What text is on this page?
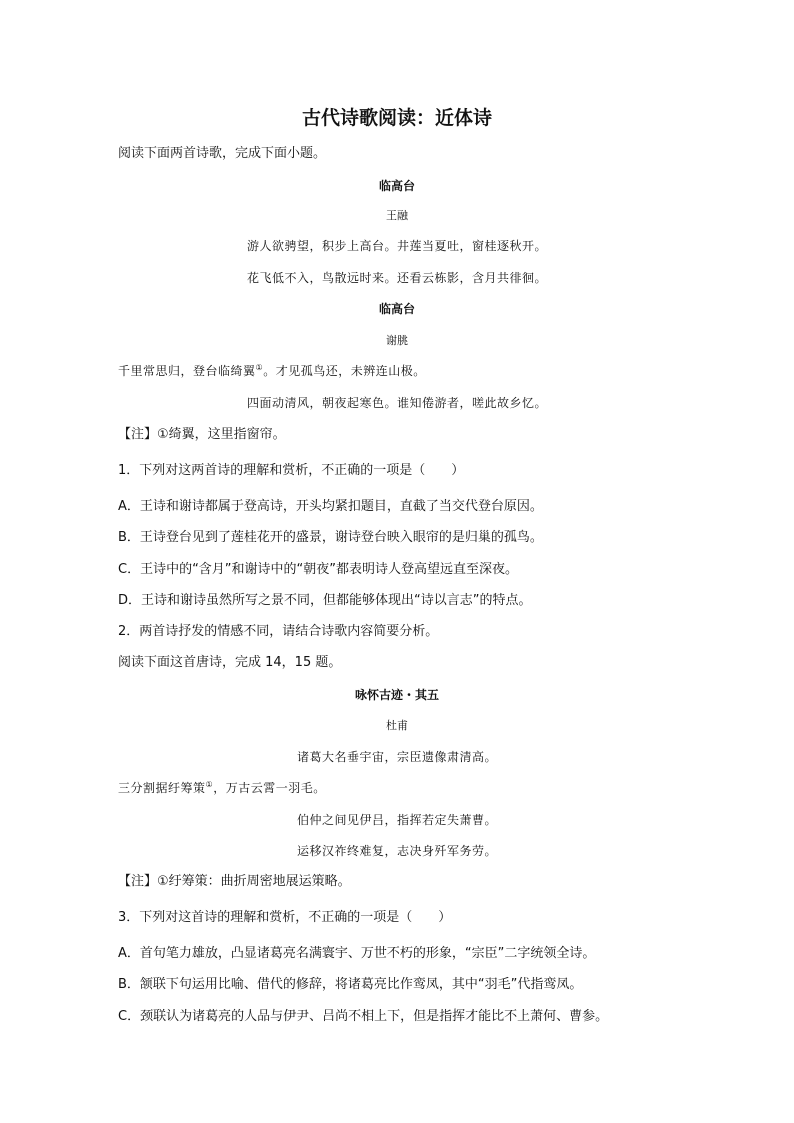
古代诗歌阅读：近体诗
阅读下面两首诗歌，完成下面小题。
临高台
王融
游人欲骋望，积步上高台。井莲当夏吐，窗桂逐秋开。
花飞低不入，鸟散远时来。还看云栋影，含月共徘徊。
临高台
谢朓
千里常思归，登台临绮翼①。才见孤鸟还，未辨连山极。
四面动清风，朝夜起寒色。谁知倦游者，嗟此故乡忆。
【注】①绮翼，这里指窗帘。
1．下列对这两首诗的理解和赏析，不正确的一项是（　　）
A．王诗和谢诗都属于登高诗，开头均紧扣题目，直截了当交代登台原因。
B．王诗登台见到了莲桂花开的盛景，谢诗登台映入眼帘的是归巢的孤鸟。
C．王诗中的“含月”和谢诗中的“朝夜”都表明诗人登高望远直至深夜。
D．王诗和谢诗虽然所写之景不同，但都能够体现出“诗以言志”的特点。
2．两首诗抒发的情感不同，请结合诗歌内容简要分析。
阅读下面这首唐诗，完成 14，15 题。
咏怀古迹・其五
杜甫
诸葛大名垂宇宙，宗臣遗像肃清高。
三分割据纡筹策①，万古云霄一羽毛。
伯仲之间见伊吕，指挥若定失萧曹。
运移汉祚终难复，志决身歼军务劳。
【注】①纡筹策：曲折周密地展运策略。
3．下列对这首诗的理解和赏析，不正确的一项是（　　）
A．首句笔力雄放，凸显诸葛亮名满寰宇、万世不朽的形象，“宗臣”二字统领全诗。
B．颔联下句运用比喻、借代的修辞，将诸葛亮比作鸾凤，其中“羽毛”代指鸾凤。
C．颈联认为诸葛亮的人品与伊尹、吕尚不相上下，但是指挥才能比不上萧何、曹参。
